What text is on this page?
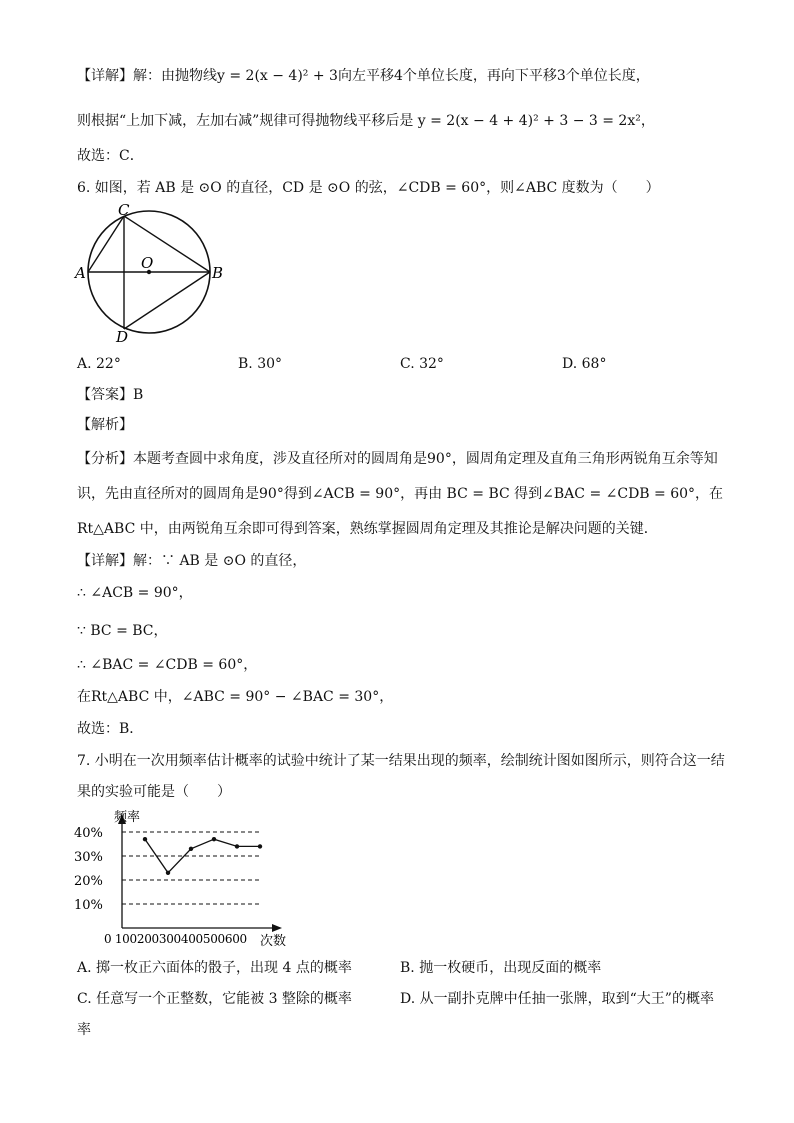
【详解】解：由抛物线y = 2(x − 4)² + 3向左平移4个单位长度，再向下平移3个单位长度，
则根据“上加下减，左加右减”规律可得抛物线平移后是 y = 2(x − 4 + 4)² + 3 − 3 = 2x²，
故选：C．
6. 如图，若 AB 是 ⊙O 的直径，CD 是 ⊙O 的弦，∠CDB = 60°，则∠ABC 度数为（　　）
A	B
C
D
O
A. 22°	B. 30°	C. 32°	D. 68°
【答案】B
【解析】
【分析】本题考查圆中求角度，涉及直径所对的圆周角是90°，圆周角定理及直角三角形两锐角互余等知
识，先由直径所对的圆周角是90°得到∠ACB = 90°，再由 BC = BC 得到∠BAC = ∠CDB = 60°，在
Rt△ABC 中，由两锐角互余即可得到答案，熟练掌握圆周角定理及其推论是解决问题的关键．
【详解】解：∵ AB 是 ⊙O 的直径，
∴ ∠ACB = 90°，
∵ BC = BC，
∴ ∠BAC = ∠CDB = 60°，
在Rt△ABC 中，∠ABC = 90° − ∠BAC = 30°，
故选：B．
7. 小明在一次用频率估计概率的试验中统计了某一结果出现的频率，绘制统计图如图所示，则符合这一结
果的实验可能是（　　）
频率
次数
0 100200300400500600
10%
20%
30%
40%
A. 掷一枚正六面体的骰子，出现 4 点的概率	B. 抛一枚硬币，出现反面的概率
C. 任意写一个正整数，它能被 3 整除的概率	D. 从一副扑克牌中任抽一张牌，取到“大王”的概率
率
